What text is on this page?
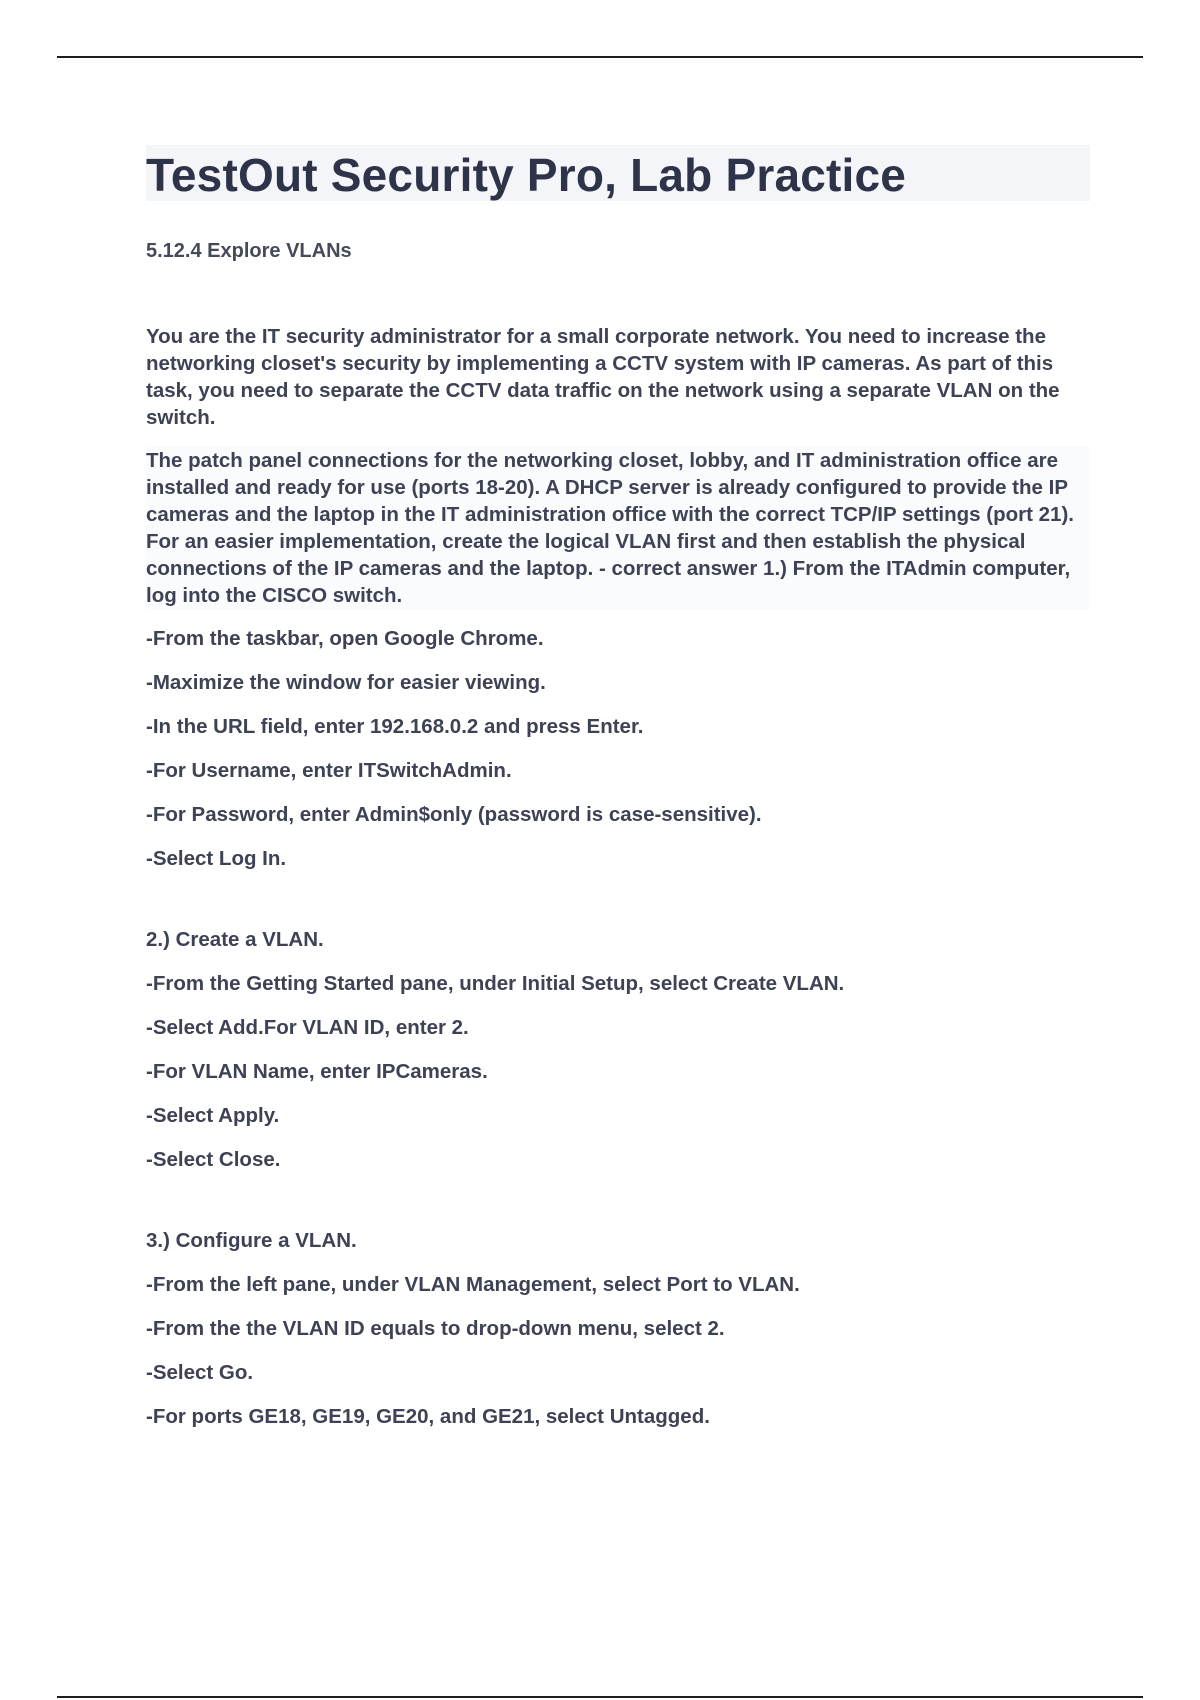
TestOut Security Pro, Lab Practice

5.12.4 Explore VLANs

You are the IT security administrator for a small corporate network. You need to increase the networking closet's security by implementing a CCTV system with IP cameras. As part of this task, you need to separate the CCTV data traffic on the network using a separate VLAN on the switch.

The patch panel connections for the networking closet, lobby, and IT administration office are installed and ready for use (ports 18-20). A DHCP server is already configured to provide the IP cameras and the laptop in the IT administration office with the correct TCP/IP settings (port 21). For an easier implementation, create the logical VLAN first and then establish the physical connections of the IP cameras and the laptop. - correct answer 1.) From the ITAdmin computer, log into the CISCO switch.

-From the taskbar, open Google Chrome.

-Maximize the window for easier viewing.

-In the URL field, enter 192.168.0.2 and press Enter.

-For Username, enter ITSwitchAdmin.

-For Password, enter Admin$only (password is case-sensitive).

-Select Log In.

2.) Create a VLAN.

-From the Getting Started pane, under Initial Setup, select Create VLAN.

-Select Add.For VLAN ID, enter 2.

-For VLAN Name, enter IPCameras.

-Select Apply.

-Select Close.

3.) Configure a VLAN.

-From the left pane, under VLAN Management, select Port to VLAN.

-From the the VLAN ID equals to drop-down menu, select 2.

-Select Go.

-For ports GE18, GE19, GE20, and GE21, select Untagged.
